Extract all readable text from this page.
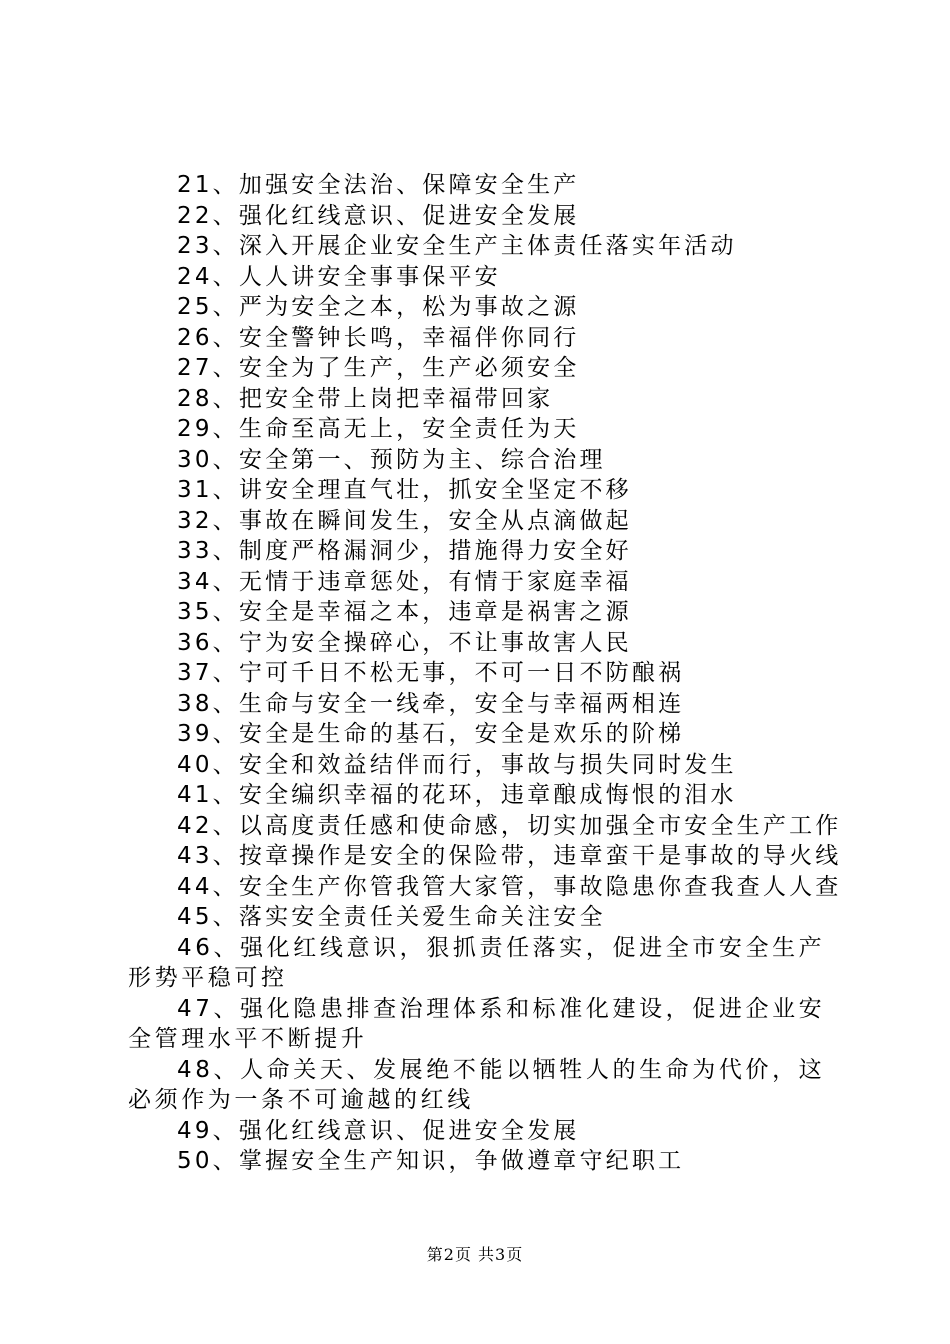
21、加强安全法治、保障安全生产
22、强化红线意识、促进安全发展
23、深入开展企业安全生产主体责任落实年活动
24、人人讲安全事事保平安
25、严为安全之本，松为事故之源
26、安全警钟长鸣，幸福伴你同行
27、安全为了生产，生产必须安全
28、把安全带上岗把幸福带回家
29、生命至高无上，安全责任为天
30、安全第一、预防为主、综合治理
31、讲安全理直气壮，抓安全坚定不移
32、事故在瞬间发生，安全从点滴做起
33、制度严格漏洞少，措施得力安全好
34、无情于违章惩处，有情于家庭幸福
35、安全是幸福之本，违章是祸害之源
36、宁为安全操碎心，不让事故害人民
37、宁可千日不松无事，不可一日不防酿祸
38、生命与安全一线牵，安全与幸福两相连
39、安全是生命的基石，安全是欢乐的阶梯
40、安全和效益结伴而行，事故与损失同时发生
41、安全编织幸福的花环，违章酿成悔恨的泪水
42、以高度责任感和使命感，切实加强全市安全生产工作
43、按章操作是安全的保险带，违章蛮干是事故的导火线
44、安全生产你管我管大家管，事故隐患你查我查人人查
45、落实安全责任关爱生命关注安全
46、强化红线意识，狠抓责任落实，促进全市安全生产形势平稳可控
47、强化隐患排查治理体系和标准化建设，促进企业安全管理水平不断提升
48、人命关天、发展绝不能以牺牲人的生命为代价，这必须作为一条不可逾越的红线
49、强化红线意识、促进安全发展
50、掌握安全生产知识，争做遵章守纪职工
第2页 共3页
